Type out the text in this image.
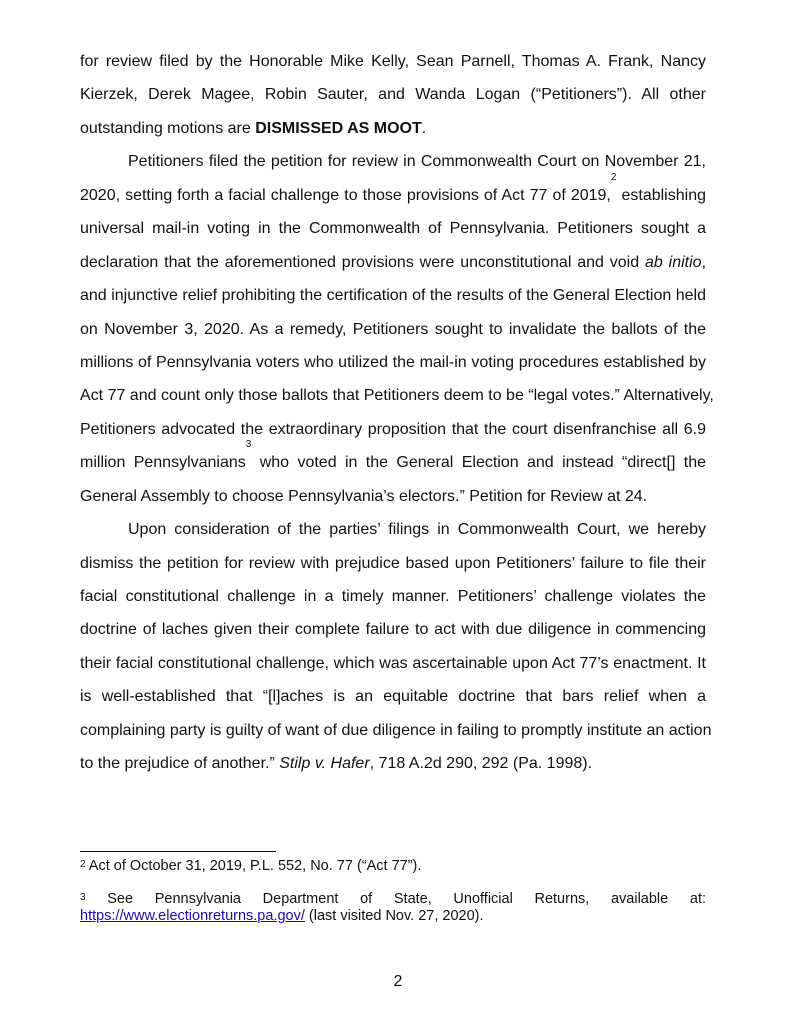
for review filed by the Honorable Mike Kelly, Sean Parnell, Thomas A. Frank, Nancy
Kierzek, Derek Magee, Robin Sauter, and Wanda Logan (“Petitioners”). All other
outstanding motions are DISMISSED AS MOOT.
Petitioners filed the petition for review in Commonwealth Court on November 21,
2020, setting forth a facial challenge to those provisions of Act 77 of 2019,$^2$ establishing
universal mail-in voting in the Commonwealth of Pennsylvania. Petitioners sought a
declaration that the aforementioned provisions were unconstitutional and void ab initio,
and injunctive relief prohibiting the certification of the results of the General Election held
on November 3, 2020. As a remedy, Petitioners sought to invalidate the ballots of the
millions of Pennsylvania voters who utilized the mail-in voting procedures established by
Act 77 and count only those ballots that Petitioners deem to be “legal votes.” Alternatively,
Petitioners advocated the extraordinary proposition that the court disenfranchise all 6.9
million Pennsylvanians$^3$ who voted in the General Election and instead “direct[] the
General Assembly to choose Pennsylvania’s electors.” Petition for Review at 24.
Upon consideration of the parties’ filings in Commonwealth Court, we hereby
dismiss the petition for review with prejudice based upon Petitioners’ failure to file their
facial constitutional challenge in a timely manner. Petitioners’ challenge violates the
doctrine of laches given their complete failure to act with due diligence in commencing
their facial constitutional challenge, which was ascertainable upon Act 77’s enactment. It
is well-established that “[l]aches is an equitable doctrine that bars relief when a
complaining party is guilty of want of due diligence in failing to promptly institute an action
to the prejudice of another.” Stilp v. Hafer, 718 A.2d 290, 292 (Pa. 1998).
$^2$ Act of October 31, 2019, P.L. 552, No. 77 (“Act 77”).
$^3$ See Pennsylvania Department of State, Unofficial Returns, available at:
https://www.electionreturns.pa.gov/ (last visited Nov. 27, 2020).
2
